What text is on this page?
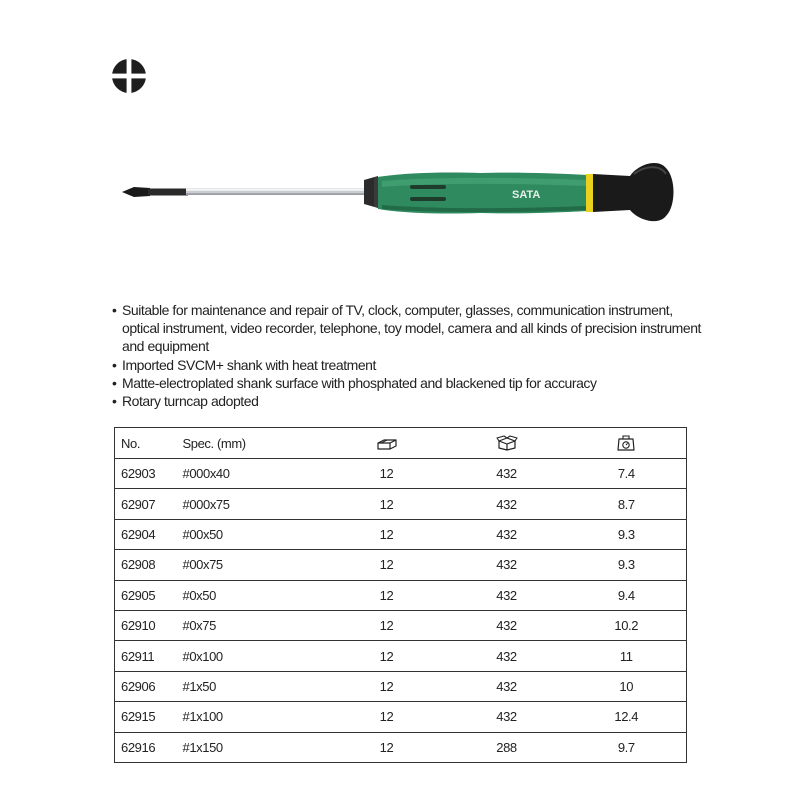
SATA
• Suitable for maintenance and repair of TV, clock, computer, glasses, communication instrument, optical instrument, video recorder, telephone, toy model, camera and all kinds of precision instrument and equipment
• Imported SVCM+ shank with heat treatment
• Matte-electroplated shank surface with phosphated and blackened tip for accuracy
• Rotary turncap adopted
No.	Spec. (mm)			
62903	#000x40	12	432	7.4
62907	#000x75	12	432	8.7
62904	#00x50	12	432	9.3
62908	#00x75	12	432	9.3
62905	#0x50	12	432	9.4
62910	#0x75	12	432	10.2
62911	#0x100	12	432	11
62906	#1x50	12	432	10
62915	#1x100	12	432	12.4
62916	#1x150	12	288	9.7
